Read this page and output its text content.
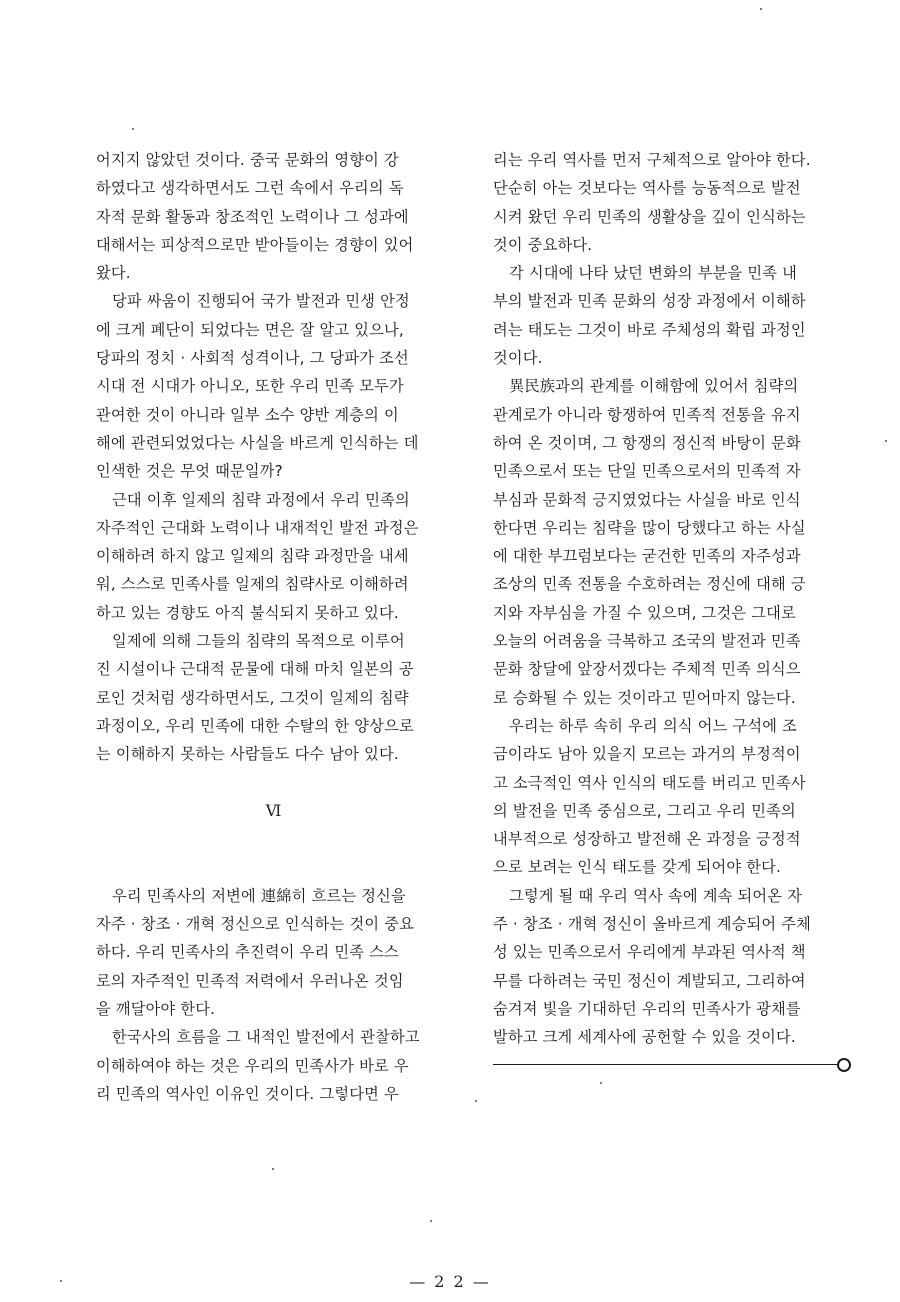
어지지 않았던 것이다. 중국 문화의 영향이 강
하였다고 생각하면서도 그런 속에서 우리의 독
자적 문화 활동과 창조적인 노력이나 그 성과에
대해서는 피상적으로만 받아들이는 경향이 있어
왔다.
당파 싸움이 진행되어 국가 발전과 민생 안정
에 크게 폐단이 되었다는 면은 잘 알고 있으나,
당파의 정치 · 사회적 성격이나, 그 당파가 조선
시대 전 시대가 아니오, 또한 우리 민족 모두가
관여한 것이 아니라 일부 소수 양반 계층의 이
해에 관련되었었다는 사실을 바르게 인식하는 데
인색한 것은 무엇 때문일까?
근대 이후 일제의 침략 과정에서 우리 민족의
자주적인 근대화 노력이나 내재적인 발전 과정은
이해하려 하지 않고 일제의 침략 과정만을 내세
워, 스스로 민족사를 일제의 침략사로 이해하려
하고 있는 경향도 아직 불식되지 못하고 있다.
일제에 의해 그들의 침략의 목적으로 이루어
진 시설이나 근대적 문물에 대해 마치 일본의 공
로인 것처럼 생각하면서도, 그것이 일제의 침략
과정이오, 우리 민족에 대한 수탈의 한 양상으로
는 이해하지 못하는 사람들도 다수 남아 있다.
Ⅵ
우리 민족사의 저변에 連綿히 흐르는 정신을
자주 · 창조 · 개혁 정신으로 인식하는 것이 중요
하다. 우리 민족사의 추진력이 우리 민족 스스
로의 자주적인 민족적 저력에서 우러나온 것임
을 깨달아야 한다.
한국사의 흐름을 그 내적인 발전에서 관찰하고
이해하여야 하는 것은 우리의 민족사가 바로 우
리 민족의 역사인 이유인 것이다. 그렇다면 우
리는 우리 역사를 먼저 구체적으로 알아야 한다.
단순히 아는 것보다는 역사를 능동적으로 발전
시켜 왔던 우리 민족의 생활상을 깊이 인식하는
것이 중요하다.
각 시대에 나타 났던 변화의 부분을 민족 내
부의 발전과 민족 문화의 성장 과정에서 이해하
려는 태도는 그것이 바로 주체성의 확립 과정인
것이다.
異民族과의 관계를 이해함에 있어서 침략의
관계로가 아니라 항쟁하여 민족적 전통을 유지
하여 온 것이며, 그 항쟁의 정신적 바탕이 문화
민족으로서 또는 단일 민족으로서의 민족적 자
부심과 문화적 긍지였었다는 사실을 바로 인식
한다면 우리는 침략을 많이 당했다고 하는 사실
에 대한 부끄럼보다는 굳건한 민족의 자주성과
조상의 민족 전통을 수호하려는 정신에 대해 긍
지와 자부심을 가질 수 있으며, 그것은 그대로
오늘의 어려움을 극복하고 조국의 발전과 민족
문화 창달에 앞장서겠다는 주체적 민족 의식으
로 승화될 수 있는 것이라고 믿어마지 않는다.
우리는 하루 속히 우리 의식 어느 구석에 조
금이라도 남아 있을지 모르는 과거의 부정적이
고 소극적인 역사 인식의 태도를 버리고 민족사
의 발전을 민족 중심으로, 그리고 우리 민족의
내부적으로 성장하고 발전해 온 과정을 긍정적
으로 보려는 인식 태도를 갖게 되어야 한다.
그렇게 될 때 우리 역사 속에 계속 되어온 자
주 · 창조 · 개혁 정신이 올바르게 계승되어 주체
성 있는 민족으로서 우리에게 부과된 역사적 책
무를 다하려는 국민 정신이 계발되고, 그리하여
숨겨져 빛을 기대하던 우리의 민족사가 광채를
발하고 크게 세계사에 공헌할 수 있을 것이다.
— 2 2 —
